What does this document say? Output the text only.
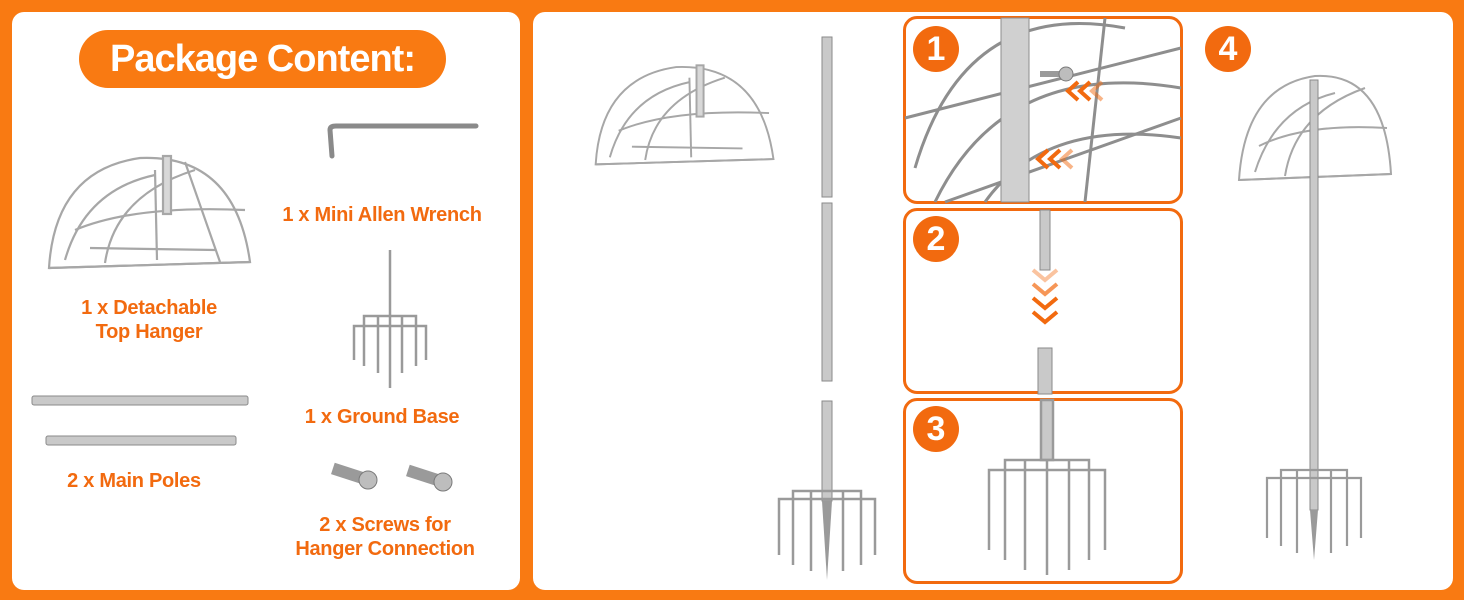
Package Content:
1 x Detachable
Top Hanger
1 x Mini Allen Wrench
1 x Ground Base
2 x Main Poles
2 x Screws for
Hanger Connection
1
2
3
4
